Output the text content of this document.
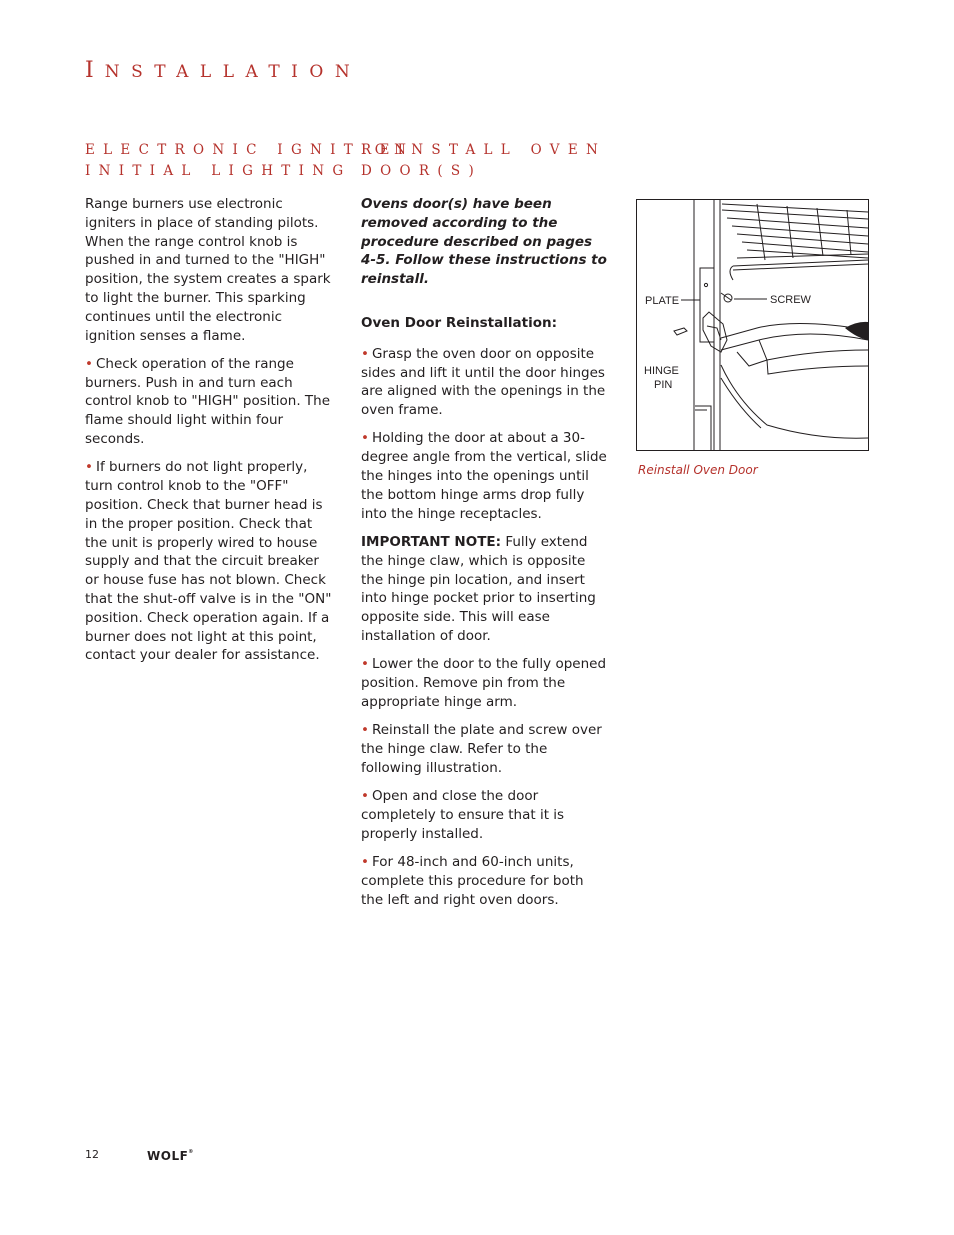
INSTALLATION
ELECTRONIC IGNITION
INITIAL LIGHTING
REINSTALL OVEN
DOOR(S)

Range burners use electronic igniters in place of standing pilots. When the range control knob is pushed in and turned to the "HIGH" position, the system creates a spark to light the burner. This sparking continues until the electronic ignition senses a flame.

• Check operation of the range burners. Push in and turn each control knob to "HIGH" position. The flame should light within four seconds.

• If burners do not light properly, turn control knob to the "OFF" position. Check that burner head is in the proper position. Check that the unit is properly wired to house supply and that the circuit breaker or house fuse has not blown. Check that the shut-off valve is in the "ON" position. Check operation again. If a burner does not light at this point, contact your dealer for assistance.

Ovens door(s) have been removed according to the procedure described on pages 4-5. Follow these instructions to reinstall.

Oven Door Reinstallation:

• Grasp the oven door on opposite sides and lift it until the door hinges are aligned with the openings in the oven frame.

• Holding the door at about a 30-degree angle from the vertical, slide the hinges into the openings until the bottom hinge arms drop fully into the hinge receptacles.

IMPORTANT NOTE: Fully extend the hinge claw, which is opposite the hinge pin location, and insert into hinge pocket prior to inserting opposite side. This will ease installation of door.

• Lower the door to the fully opened position. Remove pin from the appropriate hinge arm.

• Reinstall the plate and screw over the hinge claw. Refer to the following illustration.

• Open and close the door completely to ensure that it is properly installed.

• For 48-inch and 60-inch units, complete this procedure for both the left and right oven doors.

PLATE	SCREW
HINGE
PIN
Reinstall Oven Door
12	WOLF®
